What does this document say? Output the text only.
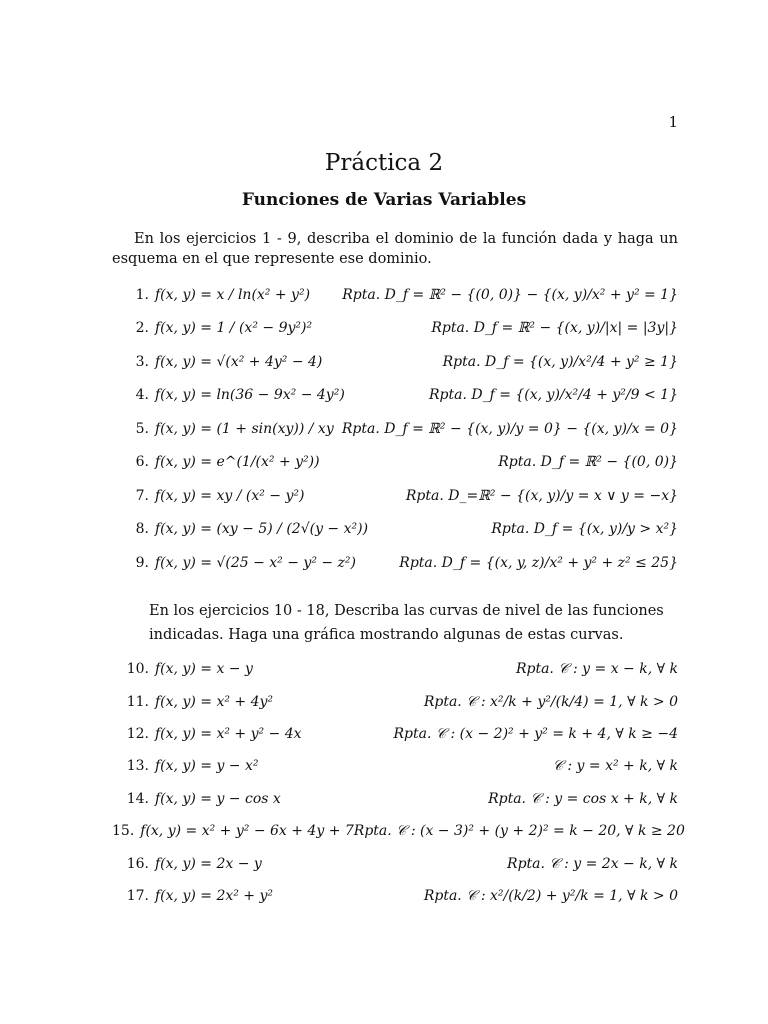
1
Práctica 2
Funciones de Varias Variables

En los ejercicios 1 - 9, describa el dominio de la función dada y haga un esquema en el que represente ese dominio.

1. f(x, y) = x / ln(x² + y²) Rpta. D_f = ℝ² − {(0, 0)} − {(x, y)/x² + y² = 1}
2. f(x, y) = 1 / (x² − 9y²)²	Rpta. D_f = ℝ² − {(x, y)/|x| = |3y|}
3. f(x, y) = √(x² + 4y² − 4)	Rpta. D_f = {(x, y)/x²/4 + y² ≥ 1}
4. f(x, y) = ln(36 − 9x² − 4y²)	Rpta. D_f = {(x, y)/x²/4 + y²/9 < 1}
5. f(x, y) = (1 + sin(xy)) / xy Rpta. D_f = ℝ² − {(x, y)/y = 0} − {(x, y)/x = 0}
6. f(x, y) = e^(1/(x² + y²))	Rpta. D_f = ℝ² − {(0, 0)}
7. f(x, y) = xy / (x² − y²)	Rpta. D_=ℝ² − {(x, y)/y = x ∨ y = −x}
8. f(x, y) = (xy − 5) / (2√(y − x²))	Rpta. D_f = {(x, y)/y > x²}
9. f(x, y) = √(25 − x² − y² − z²)	Rpta. D_f = {(x, y, z)/x² + y² + z² ≤ 25}

En los ejercicios 10 - 18, Describa las curvas de nivel de las funciones indicadas. Haga una gráfica mostrando algunas de estas curvas.

10. f(x, y) = x − y	Rpta. 𝒞 : y = x − k, ∀ k
11. f(x, y) = x² + 4y²	Rpta. 𝒞 : x²/k + y²/(k/4) = 1, ∀ k > 0
12. f(x, y) = x² + y² − 4x	Rpta. 𝒞 : (x − 2)² + y² = k + 4, ∀ k ≥ −4
13. f(x, y) = y − x²	𝒞 : y = x² + k, ∀ k
14. f(x, y) = y − cos x	Rpta. 𝒞 : y = cos x + k, ∀ k
15. f(x, y) = x² + y² − 6x + 4y + 7 Rpta. 𝒞 : (x − 3)² + (y + 2)² = k − 20, ∀ k ≥ 20
16. f(x, y) = 2x − y	Rpta. 𝒞 : y = 2x − k, ∀ k
17. f(x, y) = 2x² + y²	Rpta. 𝒞 : x²/(k/2) + y²/k = 1, ∀ k > 0
